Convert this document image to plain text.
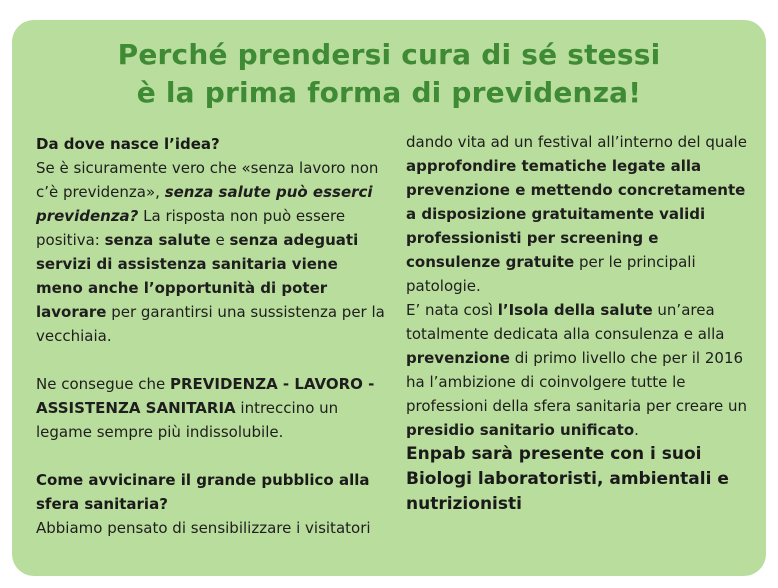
Perché prendersi cura di sé stessi
è la prima forma di previdenza!

Da dove nasce l’idea?

Se è sicuramente vero che «senza lavoro non c’è previdenza», senza salute può esserci previdenza? La risposta non può essere positiva: senza salute e senza adeguati servizi di assistenza sanitaria viene meno anche l’opportunità di poter lavorare per garantirsi una sussistenza per la vecchiaia.

Ne consegue che PREVIDENZA - LAVORO - ASSISTENZA SANITARIA intreccino un legame sempre più indissolubile.

Come avvicinare il grande pubblico alla sfera sanitaria?

Abbiamo pensato di sensibilizzare i visitatori

dando vita ad un festival all’interno del quale approfondire tematiche legate alla prevenzione e mettendo concretamente a disposizione gratuitamente validi professionisti per screening e consulenze gratuite per le principali patologie.

E’ nata così l’Isola della salute un’area totalmente dedicata alla consulenza e alla prevenzione di primo livello che per il 2016 ha l’ambizione di coinvolgere tutte le professioni della sfera sanitaria per creare un presidio sanitario unificato.

Enpab sarà presente con i suoi Biologi laboratoristi, ambientali e nutrizionisti
